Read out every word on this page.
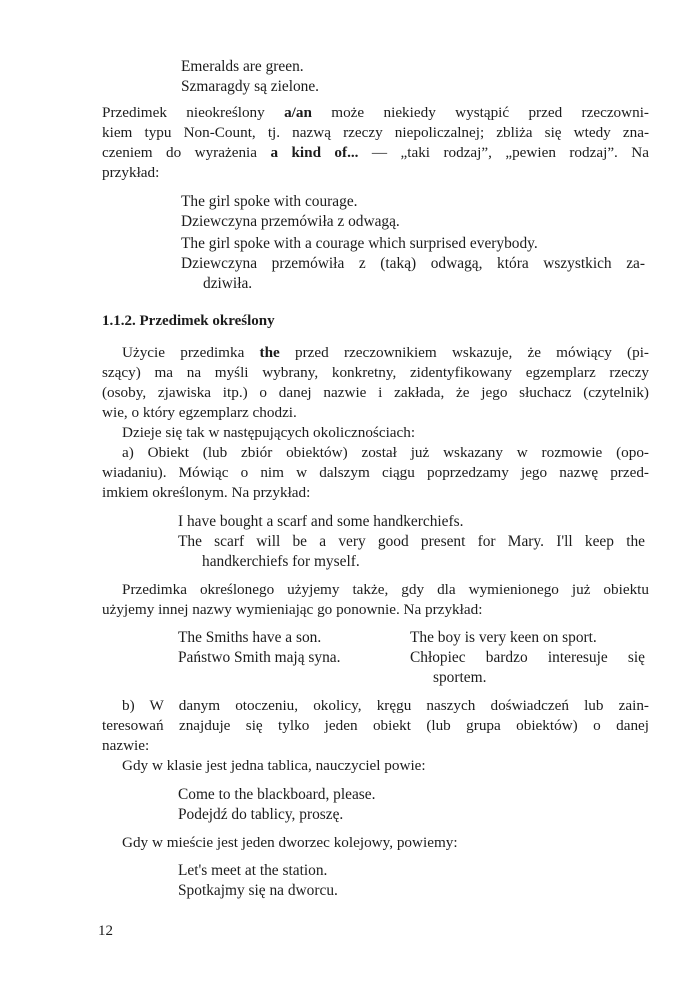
Emeralds are green.
Szmaragdy są zielone.
Przedimek nieokreślony a/an może niekiedy wystąpić przed rzeczowni-
kiem typu Non-Count, tj. nazwą rzeczy niepoliczalnej; zbliża się wtedy zna-
czeniem do wyrażenia a kind of... — „taki rodzaj”, „pewien rodzaj”. Na
przykład:
The girl spoke with courage.
Dziewczyna przemówiła z odwagą.
The girl spoke with a courage which surprised everybody.
Dziewczyna przemówiła z (taką) odwagą, która wszystkich za-
dziwiła.
1.1.2. Przedimek określony
Użycie przedimka the przed rzeczownikiem wskazuje, że mówiący (pi-
szący) ma na myśli wybrany, konkretny, zidentyfikowany egzemplarz rzeczy
(osoby, zjawiska itp.) o danej nazwie i zakłada, że jego słuchacz (czytelnik)
wie, o który egzemplarz chodzi.
Dzieje się tak w następujących okolicznościach:
a) Obiekt (lub zbiór obiektów) został już wskazany w rozmowie (opo-
wiadaniu). Mówiąc o nim w dalszym ciągu poprzedzamy jego nazwę przed-
imkiem określonym. Na przykład:
I have bought a scarf and some handkerchiefs.
The scarf will be a very good present for Mary. I'll keep the
handkerchiefs for myself.
Przedimka określonego użyjemy także, gdy dla wymienionego już obiektu
użyjemy innej nazwy wymieniając go ponownie. Na przykład:
The Smiths have a son.
Państwo Smith mają syna.
The boy is very keen on sport.
Chłopiec bardzo interesuje się
sportem.
b) W danym otoczeniu, okolicy, kręgu naszych doświadczeń lub zain-
teresowań znajduje się tylko jeden obiekt (lub grupa obiektów) o danej
nazwie:
Gdy w klasie jest jedna tablica, nauczyciel powie:
Come to the blackboard, please.
Podejdź do tablicy, proszę.
Gdy w mieście jest jeden dworzec kolejowy, powiemy:
Let's meet at the station.
Spotkajmy się na dworcu.
12
